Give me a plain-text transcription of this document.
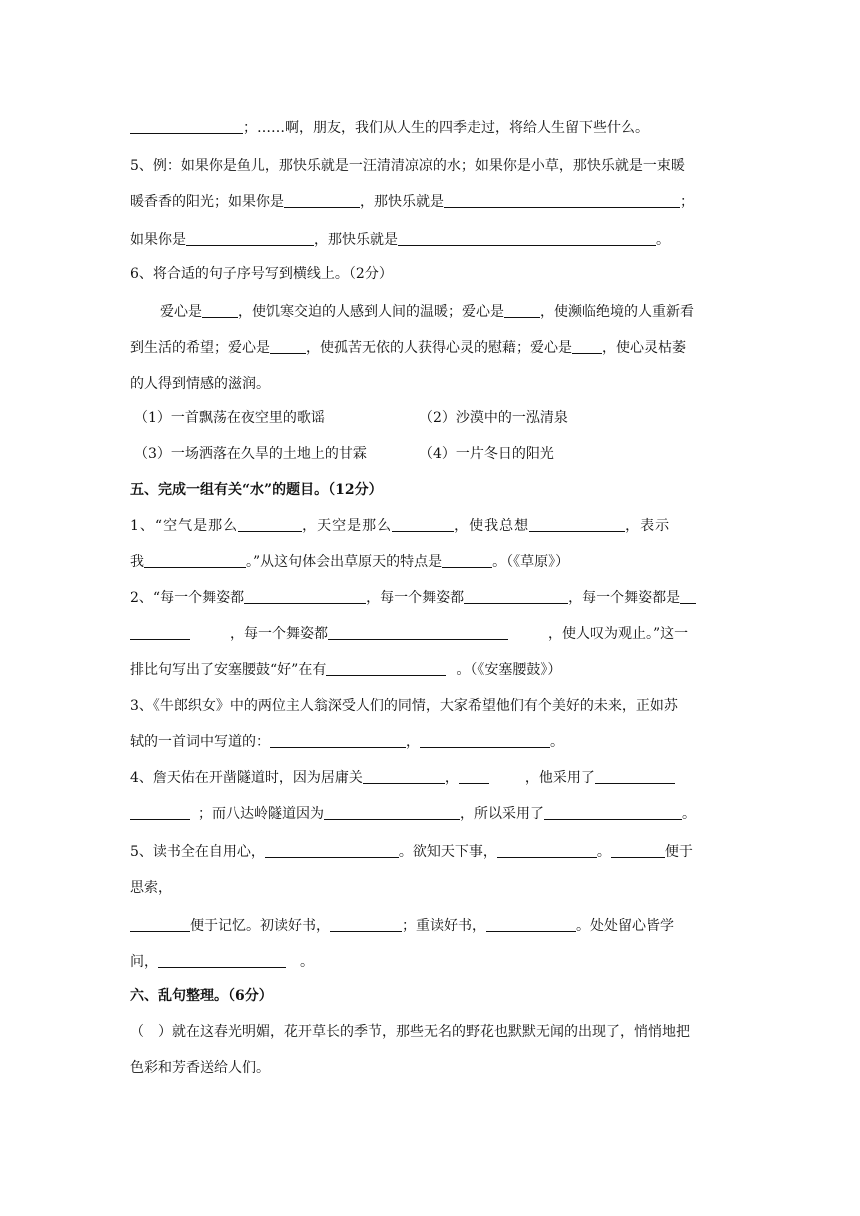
；……啊，朋友，我们从人生的四季走过，将给人生留下些什么。
5、例：如果你是鱼儿，那快乐就是一汪清清凉凉的水；如果你是小草，那快乐就是一束暖
暖香香的阳光；如果你是	，那快乐就是	；
如果你是	，那快乐就是	。
6、将合适的句子序号写到横线上。（2分）
爱心是	，使饥寒交迫的人感到人间的温暖；爱心是	，使濒临绝境的人重新看
到生活的希望；爱心是	，使孤苦无依的人获得心灵的慰藉；爱心是 ，使心灵枯萎
的人得到情感的滋润。
（1）一首飘荡在夜空里的歌谣	（2）沙漠中的一泓清泉
（3）一场洒落在久旱的土地上的甘霖	（4）一片冬日的阳光
五、完成一组有关“水”的题目。（12分）
1、“空气是那么	，天空是那么	，使我总想	，表示
我	。”从这句体会出草原天的特点是	。（《草原》）
2、“每一个舞姿都	，每一个舞姿都	，每一个舞姿都是
，每一个舞姿都	，使人叹为观止。”这一
排比句写出了安塞腰鼓“好”在有	。（《安塞腰鼓》）
3、《牛郎织女》中的两位主人翁深受人们的同情，大家希望他们有个美好的未来，正如苏
轼的一首词中写道的：	，	。
4、詹天佑在开凿隧道时，因为居庸关	，	，他采用了
；而八达岭隧道因为	，所以采用了	。
5、读书全在自用心，	。欲知天下事，	。	便于
思索，
便于记忆。初读好书，	；重读好书，	。处处留心皆学
问，	。
六、乱句整理。（6分）
（　）就在这春光明媚，花开草长的季节，那些无名的野花也默默无闻的出现了，悄悄地把
色彩和芳香送给人们。
